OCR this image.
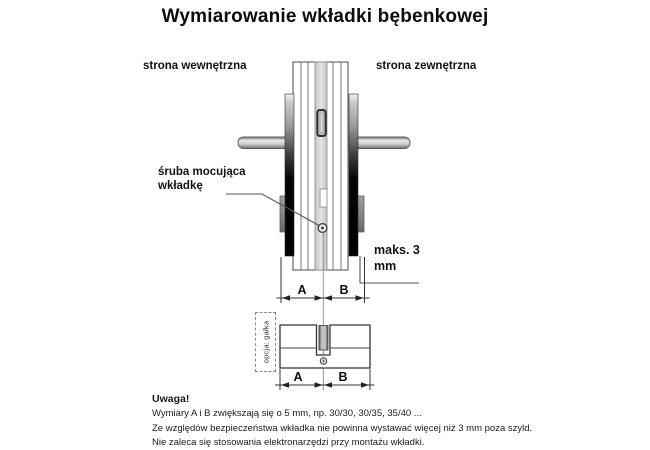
Wymiarowanie wkładki bębenkowej
strona wewnętrzna	strona zewnętrzna
śruba mocująca wkładkę
maks. 3 mm
A	B
opcja: gałka
A	B
Uwaga!
Wymiary A i B zwiększają się o 5 mm, np. 30/30, 30/35, 35/40 ...
Ze względów bezpieczeństwa wkładka nie powinna wystawać więcej niż 3 mm poza szyld.
Nie zaleca się stosowania elektronarzędzi przy montażu wkładki.
